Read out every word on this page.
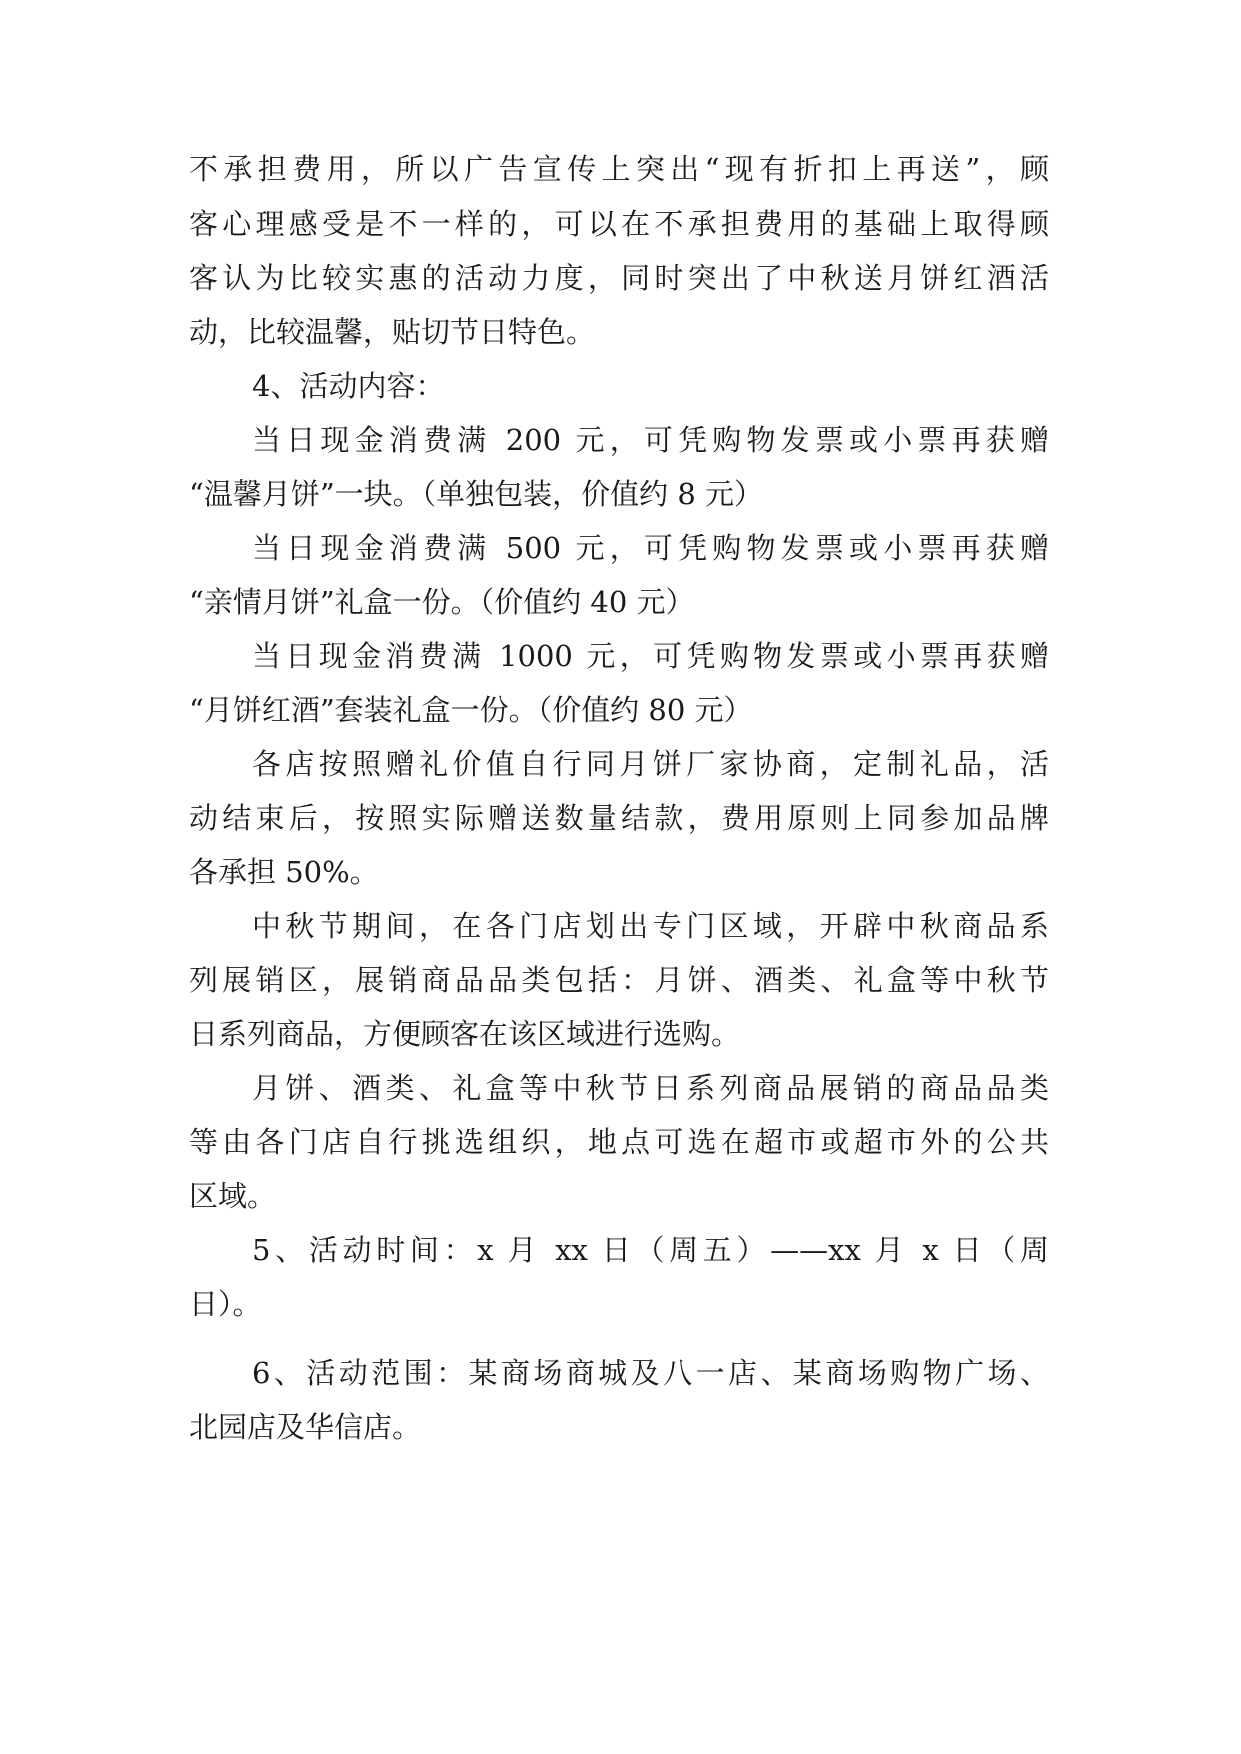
不承担费用，所以广告宣传上突出“现有折扣上再送”，顾
客心理感受是不一样的，可以在不承担费用的基础上取得顾
客认为比较实惠的活动力度，同时突出了中秋送月饼红酒活
动，比较温馨，贴切节日特色。
4、活动内容：
当日现金消费满 200 元，可凭购物发票或小票再获赠
“温馨月饼”一块。（单独包装，价值约 8 元）
当日现金消费满 500 元，可凭购物发票或小票再获赠
“亲情月饼”礼盒一份。（价值约 40 元）
当日现金消费满 1000 元，可凭购物发票或小票再获赠
“月饼红酒”套装礼盒一份。（价值约 80 元）
各店按照赠礼价值自行同月饼厂家协商，定制礼品，活
动结束后，按照实际赠送数量结款，费用原则上同参加品牌
各承担 50%。
中秋节期间，在各门店划出专门区域，开辟中秋商品系
列展销区，展销商品品类包括：月饼、酒类、礼盒等中秋节
日系列商品，方便顾客在该区域进行选购。
月饼、酒类、礼盒等中秋节日系列商品展销的商品品类
等由各门店自行挑选组织，地点可选在超市或超市外的公共
区域。
5、活动时间：x 月 xx 日（周五）——xx 月 x 日（周
日）。
6、活动范围：某商场商城及八一店、某商场购物广场、
北园店及华信店。
